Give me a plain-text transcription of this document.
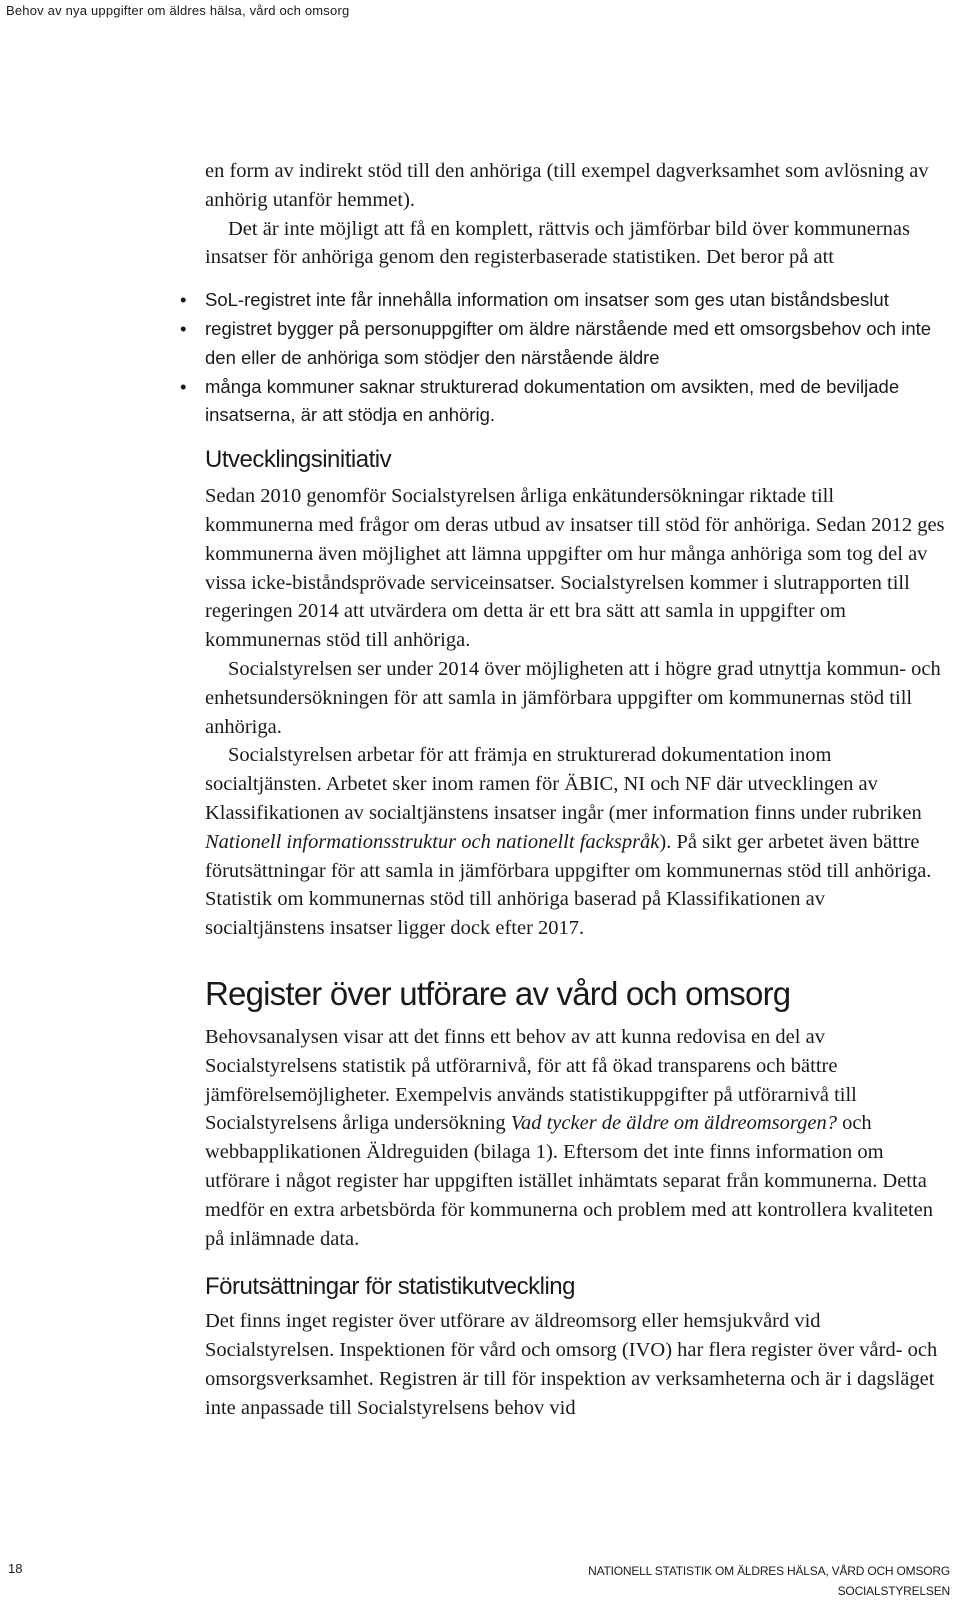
Behov av nya uppgifter om äldres hälsa, vård och omsorg

en form av indirekt stöd till den anhöriga (till exempel dagverksamhet som avlösning av anhörig utanför hemmet).

Det är inte möjligt att få en komplett, rättvis och jämförbar bild över kommunernas insatser för anhöriga genom den registerbaserade statistiken. Det beror på att

• SoL-registret inte får innehålla information om insatser som ges utan biståndsbeslut
• registret bygger på personuppgifter om äldre närstående med ett omsorgsbehov och inte den eller de anhöriga som stödjer den närstående äldre
• många kommuner saknar strukturerad dokumentation om avsikten, med de beviljade insatserna, är att stödja en anhörig.
Utvecklingsinitiativ

Sedan 2010 genomför Socialstyrelsen årliga enkätundersökningar riktade till kommunerna med frågor om deras utbud av insatser till stöd för anhöriga. Sedan 2012 ges kommunerna även möjlighet att lämna uppgifter om hur många anhöriga som tog del av vissa icke-biståndsprövade serviceinsatser. Socialstyrelsen kommer i slutrapporten till regeringen 2014 att utvärdera om detta är ett bra sätt att samla in uppgifter om kommunernas stöd till anhöriga.

Socialstyrelsen ser under 2014 över möjligheten att i högre grad utnyttja kommun- och enhetsundersökningen för att samla in jämförbara uppgifter om kommunernas stöd till anhöriga.

Socialstyrelsen arbetar för att främja en strukturerad dokumentation inom socialtjänsten. Arbetet sker inom ramen för ÄBIC, NI och NF där utvecklingen av Klassifikationen av socialtjänstens insatser ingår (mer information finns under rubriken Nationell informationsstruktur och nationellt fackspråk). På sikt ger arbetet även bättre förutsättningar för att samla in jämförbara uppgifter om kommunernas stöd till anhöriga. Statistik om kommunernas stöd till anhöriga baserad på Klassifikationen av socialtjänstens insatser ligger dock efter 2017.

Register över utförare av vård och omsorg

Behovsanalysen visar att det finns ett behov av att kunna redovisa en del av Socialstyrelsens statistik på utförarnivå, för att få ökad transparens och bättre jämförelsemöjligheter. Exempelvis används statistikuppgifter på utförarnivå till Socialstyrelsens årliga undersökning Vad tycker de äldre om äldreomsorgen? och webbapplikationen Äldreguiden (bilaga 1). Eftersom det inte finns information om utförare i något register har uppgiften istället inhämtats separat från kommunerna. Detta medför en extra arbetsbörda för kommunerna och problem med att kontrollera kvaliteten på inlämnade data.

Förutsättningar för statistikutveckling

Det finns inget register över utförare av äldreomsorg eller hemsjukvård vid Socialstyrelsen. Inspektionen för vård och omsorg (IVO) har flera register över vård- och omsorgsverksamhet. Registren är till för inspektion av verksamheterna och är i dagsläget inte anpassade till Socialstyrelsens behov vid

18	NATIONELL STATISTIK OM ÄLDRES HÄLSA, VÅRD OCH OMSORG
SOCIALSTYRELSEN
